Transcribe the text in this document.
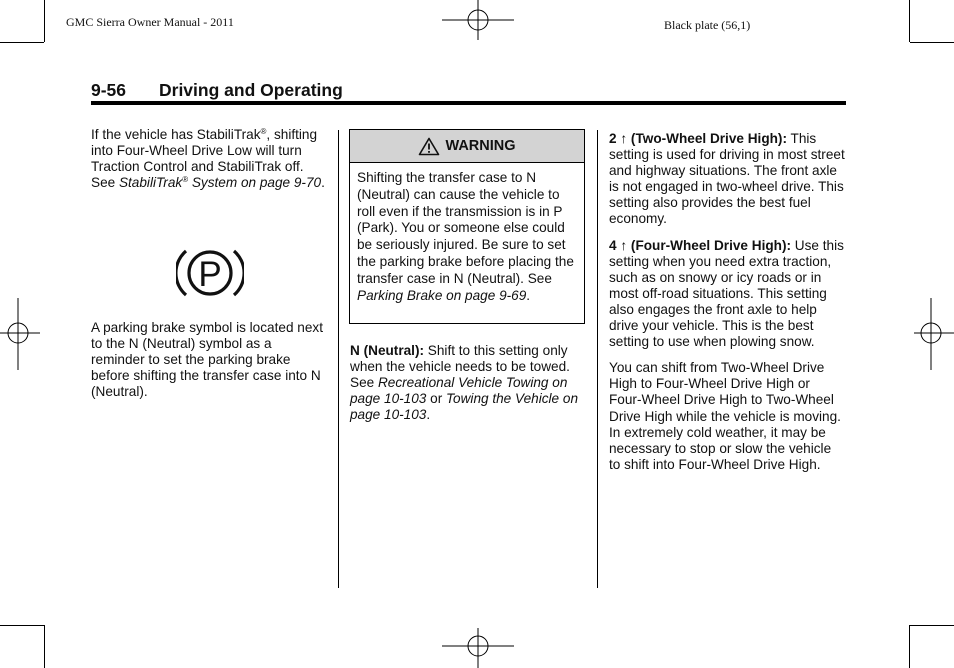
GMC Sierra Owner Manual - 2011	Black plate (56,1)
9-56 Driving and Operating

If the vehicle has StabiliTrak®, shifting into Four-Wheel Drive Low will turn Traction Control and StabiliTrak off. See StabiliTrak® System on page 9-70.

P

A parking brake symbol is located next to the N (Neutral) symbol as a reminder to set the parking brake before shifting the transfer case into N (Neutral).

WARNING
Shifting the transfer case to N (Neutral) can cause the vehicle to roll even if the transmission is in P (Park). You or someone else could be seriously injured. Be sure to set the parking brake before placing the transfer case in N (Neutral). See Parking Brake on page 9-69.

N (Neutral): Shift to this setting only when the vehicle needs to be towed. See Recreational Vehicle Towing on page 10-103 or Towing the Vehicle on page 10-103.

2 ↑ (Two-Wheel Drive High): This setting is used for driving in most street and highway situations. The front axle is not engaged in two-wheel drive. This setting also provides the best fuel economy.

4 ↑ (Four-Wheel Drive High): Use this setting when you need extra traction, such as on snowy or icy roads or in most off-road situations. This setting also engages the front axle to help drive your vehicle. This is the best setting to use when plowing snow.

You can shift from Two-Wheel Drive High to Four-Wheel Drive High or Four-Wheel Drive High to Two-Wheel Drive High while the vehicle is moving. In extremely cold weather, it may be necessary to stop or slow the vehicle to shift into Four-Wheel Drive High.
